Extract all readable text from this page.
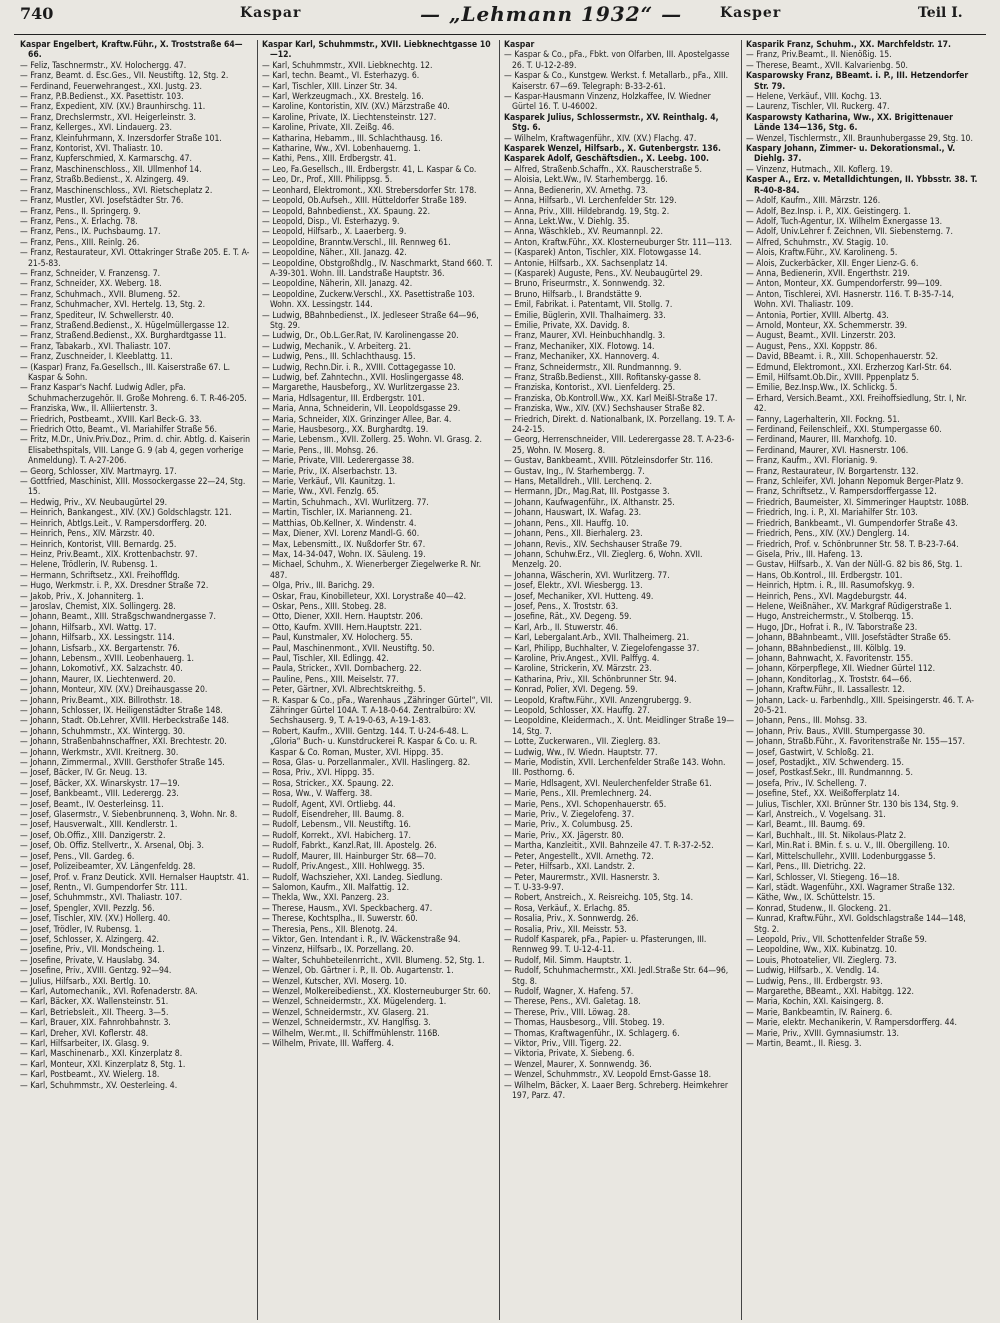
740	Kaspar	— „Lehmann 1932“ —	Kasper	Teil I.
Kaspar Engelbert, Kraftw.Führ., X. Troststraße 64—66.
— Feliz, Taschnermstr., XV. Holochergg. 47.
— Franz, Beamt. d. Esc.Ges., VII. Neustiftg. 12, Stg. 2.
— Ferdinand, Feuerwehrangest., XXI. Justg. 23.
— Franz, P.B.Bedienst., XX. Pasettistr. 103.
— Franz, Expedient, XIV. (XV.) Braunhirschg. 11.
— Franz, Drechslermstr., XVI. Heigerleinstr. 3.
— Franz, Kellerges., XVI. Lindauerg. 23.
— Franz, Kleinfuhrmann, X. Inzersdorfer Straße 101.
— Franz, Kontorist, XVI. Thaliastr. 10.
— Franz, Kupferschmied, X. Karmarschg. 47.
— Franz, Maschinenschloss., XII. Ullmenhof 14.
— Franz, Straßb.Bedienst., X. Alzingerg. 49.
— Franz, Maschinenschloss., XVI. Rietscheplatz 2.
— Franz, Mustler, XVI. Josefstädter Str. 76.
— Franz, Pens., II. Springerg. 9.
— Franz, Pens., X. Erlachg. 78.
— Franz, Pens., IX. Puchsbaumg. 17.
— Franz, Pens., XIII. Reinlg. 26.
— Franz, Restaurateur, XVI. Ottakringer Straße 205. E. T. A-21-5-83.
— Franz, Schneider, V. Franzensg. 7.
— Franz, Schneider, XX. Weberg. 18.
— Franz, Schuhmach., XVII. Blumeng. 52.
— Franz, Schuhmacher, XVI. Hertelg. 13, Stg. 2.
— Franz, Spediteur, IV. Schwellerstr. 40.
— Franz, Straßend.Bedienst., X. Hügelmüllergasse 12.
— Franz, Straßend.Bedienst., XX. Burghardtgasse 11.
— Franz, Tabakarb., XVI. Thaliastr. 107.
— Franz, Zuschneider, I. Kleeblattg. 11.
— (Kaspar) Franz, Fa.Gesellsch., III. Kaiserstraße 67. L. Kaspar & Sohn.
— Franz Kaspar's Nachf. Ludwig Adler, pFa. Schuhmacherzugehör. II. Große Mohreng. 6. T. R-46-205.
— Franziska, Ww., II. Alliiertenstr. 3.
— Friedrich, Postbeamt., XVIII. Karl Beck-G. 33.
— Friedrich Otto, Beamt., VI. Mariahilfer Straße 56.
— Fritz, M.Dr., Univ.Priv.Doz., Prim. d. chir. Abtlg. d. Kaiserin Elisabethspitals, VIII. Lange G. 9 (ab 4, gegen vorherige Anmeldung). T. A-27-206.
— Georg, Schlosser, XIV. Martmayrg. 17.
— Gottfried, Maschinist, XIII. Mossockergasse 22—24, Stg. 15.
— Hedwig, Priv., XV. Neubaugürtel 29.
— Heinrich, Bankangest., XIV. (XV.) Goldschlagstr. 121.
— Heinrich, Abtlgs.Leit., V. Rampersdorfferg. 20.
— Heinrich, Pens., XIV. Märzstr. 40.
— Heinrich, Kontorist, VIII. Bernardg. 25.
— Heinz, Priv.Beamt., XIX. Krottenbachstr. 97.
— Helene, Trödlerin, IV. Rubensg. 1.
— Hermann, Schriftsetz., XXI. Freihoffldg.
— Hugo, Werkmstr. i. P., XX. Dresdner Straße 72.
— Jakob, Priv., X. Johanniterg. 1.
— Jaroslav, Chemist, XIX. Sollingerg. 28.
— Johann, Beamt., XIII. Straßgschwandnergasse 7.
— Johann, Hilfsarb., XVI. Wattg. 17.
— Johann, Hilfsarb., XX. Lessingstr. 114.
— Johann, Lisfsarb., XX. Bergartenstr. 76.
— Johann, Lebensm., XVIII. Leobenhauerg. 1.
— Johann, Lokomotivf., XX. Salzachstr. 40.
— Johann, Maurer, IX. Liechtenwerd. 20.
— Johann, Monteur, XIV. (XV.) Dreihausgasse 20.
— Johann, Priv.Beamt., XIX. Billrothstr. 18.
— Johann, Schlosser, IX. Heiligenstädter Straße 148.
— Johann, Stadt. Ob.Lehrer, XVIII. Herbeckstraße 148.
— Johann, Schuhmmstr., XX. Wintergg. 30.
— Johann, Straßenbahnschaffner, XXI. Brechtestr. 20.
— Johann, Werkmstr., XVII. Kreitnerg. 30.
— Johann, Zimmermal., XVIII. Gersthofer Straße 145.
— Josef, Bäcker, IV. Gr. Neug. 13.
— Josef, Bäcker, XX. Winarskystr. 17—19.
— Josef, Bankbeamt., VIII. Lederergg. 23.
— Josef, Beamt., IV. Oesterleinsg. 11.
— Josef, Glasermstr., V. Siebenbrunnenq. 3, Wohn. Nr. 8.
— Josef, Hausverwalt., XIII. Kendlerstr. 1.
— Josef, Ob.Offiz., XIII. Danzigerstr. 2.
— Josef, Ob. Offiz. Stellvertr., X. Arsenal, Obj. 3.
— Josef, Pens., VII. Gardeg. 6.
— Josef, Polizeibeamter, XV. Längenfeldg. 28.
— Josef, Prof. v. Franz Deutick. XVII. Hernalser Hauptstr. 41.
— Josef, Rentn., VI. Gumpendorfer Str. 111.
— Josef, Schuhmmstr., XVI. Thaliastr. 107.
— Josef, Spengler, XVII. Pezzlg. 56.
— Josef, Tischler, XIV. (XV.) Hollerg. 40.
— Josef, Trödler, IV. Rubensg. 1.
— Josef, Schlosser, X. Alzingerg. 42.
— Josefine, Priv., VII. Mondscheing. 1.
— Josefine, Private, V. Hauslabg. 34.
— Josefine, Priv., XVIII. Gentzg. 92—94.
— Julius, Hilfsarb., XXI. Bertlg. 10.
— Karl, Automechanik., XVI. Rofenaderstr. 8A.
— Karl, Bäcker, XX. Wallensteinstr. 51.
— Karl, Betriebsleit., XII. Theerg. 3—5.
— Karl, Brauer, XIX. Fahnrohbahnstr. 3.
— Karl, Dreher, XVI. Koflerstr. 48.
— Karl, Hilfsarbeiter, IX. Glasg. 9.
— Karl, Maschinenarb., XXI. Kinzerplatz 8.
— Karl, Monteur, XXI. Kinzerplatz 8, Stg. 1.
— Karl, Postbeamt., XV. Wielerg. 18.
— Karl, Schuhmmstr., XV. Oesterleing. 4.
Kaspar Karl, Schuhmmstr., XVII. Liebknechtgasse 10—12.
— Karl, Schuhmmstr., XVII. Liebknechtg. 12.
— Karl, techn. Beamt., VI. Esterhazyg. 6.
— Karl, Tischler, XIII. Linzer Str. 34.
— Karl, Werkzeugmach., XX. Brestelg. 16.
— Karoline, Kontoristin, XIV. (XV.) Märzstraße 40.
— Karoline, Private, IX. Liechtensteinstr. 127.
— Karoline, Private, XII. Zeißg. 46.
— Katharina, Hebamm., III. Schlachthausg. 16.
— Katharine, Ww., XVI. Lobenhauerng. 1.
— Kathi, Pens., XIII. Erdbergstr. 41.
— Leo, Fa.Gesellsch., III. Erdbergstr. 41, L. Kaspar & Co.
— Leo, Dr., Prof., XIII. Philippsg. 5.
— Leonhard, Elektromont., XXI. Strebersdorfer Str. 178.
— Leopold, Ob.Aufseh., XIII. Hütteldorfer Straße 189.
— Leopold, Bahnbedienst., XX. Spaung. 22.
— Leopold, Disp., VI. Esterhazyg. 9.
— Leopold, Hilfsarb., X. Laaerberg. 9.
— Leopoldine, Branntw.Verschl., III. Rennweg 61.
— Leopoldine, Näher., XII. Janazg. 42.
— Leopoldine, Obstgroßhdlg., IV. Naschmarkt, Stand 660. T. A-39-301. Wohn. III. Landstraße Hauptstr. 36.
— Leopoldine, Näherin, XII. Janazg. 42.
— Leopoldine, Zuckerw.Verschl., XX. Pasettistraße 103. Wohn. XX. Lessingstr. 144.
— Ludwig, BBahnbedienst., IX. Jedleseer Straße 64—96, Stg. 29.
— Ludwig, Dr., Ob.L.Ger.Rat, IV. Karolinengasse 20.
— Ludwig, Mechanik., V. Arbeiterg. 21.
— Ludwig, Pens., III. Schlachthausg. 15.
— Ludwig, Rechn.Dir. i. R., XVIII. Cottagegasse 10.
— Ludwig, bef. Zahntechn., XVII. Hoslingergasse 48.
— Margarethe, Hausbeforg., XV. Wurlitzergasse 23.
— Maria, Hdlsagentur, III. Erdbergstr. 101.
— Maria, Anna, Schneiderin, VII. Leopoldsgasse 29.
— Maria, Schneider, XIX. Grinzinger Allee, Bar. 4.
— Marie, Hausbesorg., XX. Burghardtg. 19.
— Marie, Lebensm., XVII. Zollerg. 25. Wohn. VI. Grasg. 2.
— Marie, Pens., III. Mohsg. 26.
— Marie, Private, VIII. Lederergasse 38.
— Marie, Priv., IX. Alserbachstr. 13.
— Marie, Verkäuf., VII. Kaunitzg. 1.
— Marie, Ww., XVI. Fenzlg. 65.
— Martin, Schuhmach., XVI. Wurlitzerg. 77.
— Martin, Tischler, IX. Marianneng. 21.
— Matthias, Ob.Kellner, X. Windenstr. 4.
— Max, Diener, XVI. Lorenz Mandl-G. 60.
— Max, Lebensmitt., IX. Nußdorfer Str. 67.
— Max, 14-34-047, Wohn. IX. Säuleng. 19.
— Michael, Schuhm., X. Wienerberger Ziegelwerke R. Nr. 487.
— Olga, Priv., III. Barichg. 29.
— Oskar, Frau, Kinobilleteur, XXI. Lorystraße 40—42.
— Oskar, Pens., XIII. Stobeg. 28.
— Otto, Diener, XXII. Hern. Hauptstr. 206.
— Otto, Kaufm. XVIII. Hern.Hauptstr. 221.
— Paul, Kunstmaler, XV. Holocherg. 55.
— Paul, Maschinenmont., XVII. Neustiftg. 50.
— Paul, Tischler, XII. Edlingg. 42.
— Paula, Stricker., XVII. Dornbacherg. 22.
— Pauline, Pens., XIII. Meiselstr. 77.
— Peter, Gärtner, XVI. Albrechtskreithg. 5.
— R. Kaspar & Co., pFa., Warenhaus „Zähringer Gürtel“, VII. Zähringer Gürtel 104A. T. A-18-0-64. Zentralbüro: XV. Sechshauserg. 9, T. A-19-0-63, A-19-1-83.
— Robert, Kaufm., XVIII. Gentzg. 144. T. U-24-6-48. L. „Gloria“ Buch- u. Kunstdruckerei R. Kaspar & Co. u. R. Kaspar & Co. Roman, Muster, XVI. Hippg. 35.
— Rosa, Glas- u. Porzellanmaler., XVII. Haslingerg. 82.
— Rosa, Priv., XVI. Hippg. 35.
— Rosa, Stricker., XX. Spaung. 22.
— Rosa, Ww., V. Wafferg. 38.
— Rudolf, Agent, XVI. Ortliebg. 44.
— Rudolf, Eisendreher, III. Baumg. 8.
— Rudolf, Lebensm., VII. Neustiftg. 16.
— Rudolf, Korrekt., XVI. Habicherg. 17.
— Rudolf, Fabrkt., Kanzl.Rat, III. Apostelg. 26.
— Rudolf, Maurer, III. Hainburger Str. 68—70.
— Rudolf, Priv.Angest., XIII. Hohlwegg. 35.
— Rudolf, Wachszieher, XXI. Landeg. Siedlung.
— Salomon, Kaufm., XII. Malfattig. 12.
— Thekla, Ww., XXI. Panzerg. 23.
— Therese, Hausm., XVI. Speckbacherg. 47.
— Therese, Kochtsplha., II. Suwerstr. 60.
— Theresia, Pens., XII. Blenotg. 24.
— Viktor, Gen. Intendant i. R., IV. Wäckenstraße 94.
— Vinzenz, Hilfsarb., IX. Porzellang. 20.
— Walter, Schuhbeteilenrricht., XVII. Blumeng. 52, Stg. 1.
— Wenzel, Ob. Gärtner i. P., II. Ob. Augartenstr. 1.
— Wenzel, Kutscher, XVI. Moserg. 10.
— Wenzel, Molkereibedienst., XX. Klosterneuburger Str. 60.
— Wenzel, Schneidermstr., XX. Mügelenderg. 1.
— Wenzel, Schneidermstr., XV. Glaserg. 21.
— Wenzel, Schneidermstr., XV. Hanglfisg. 3.
— Wilhelm, Wer.mt., II. Schiffmühlenstr. 116B.
— Wilhelm, Private, III. Wafferg. 4.
Kaspar
— Kaspar & Co., pFa., Fbkt. von Olfarben, III. Apostelgasse 26. T. U-12-2-89.
— Kaspar & Co., Kunstgew. Werkst. f. Metallarb., pFa., XIII. Kaiserstr. 67—69. Telegraph: B-33-2-61.
— Kaspar-Hausmann Vinzenz, Holzkaffee, IV. Wiedner Gürtel 16. T. U-46002.
Kasparek Julius, Schlossermstr., XV. Reinthalg. 4, Stg. 6.
— Wilhelm, Kraftwagenführ., XIV. (XV.) Flachg. 47.
Kasparek Wenzel, Hilfsarb., X. Gutenbergstr. 136.
Kasparek Adolf, Geschäftsdien., X. Leebg. 100.
— Alfred, Straßenb.Schaffn., XX. Rauscherstraße 5.
— Aloisia, Lekt.Ww., IV. Starhembergg. 16.
— Anna, Bedienerin, XV. Arnethg. 73.
— Anna, Hilfsarb., VI. Lerchenfelder Str. 129.
— Anna, Priv., XIII. Hildebrandg. 19, Stg. 2.
— Anna, Lekt.Ww., V. Diehlg. 35.
— Anna, Wäschkleb., XV. Reumannpl. 22.
— Anton, Kraftw.Führ., XX. Klosterneuburger Str. 111—113.
— (Kasparek) Anton, Tischler, XIX. Flotowgasse 14.
— Antonie, Hilfsarb., XX. Sachsenplatz 14.
— (Kasparek) Auguste, Pens., XV. Neubaugürtel 29.
— Bruno, Friseurmstr., X. Sonnwendg. 32.
— Bruno, Hilfsarb., I. Brandstätte 9.
— Emil, Fabrikat. i. Patentamt, VII. Stollg. 7.
— Emilie, Büglerin, XVII. Thalhaimerg. 33.
— Emilie, Private, XX. Davidg. 8.
— Franz, Maurer, XVI. Heinbuchhandlg. 3.
— Franz, Mechaniker, XIX. Flotowg. 14.
— Franz, Mechaniker, XX. Hannoverg. 4.
— Franz, Schneidermstr., XII. Rundmannng. 9.
— Franz, Straßb.Bedienst., XIII. Rofitansky-gasse 8.
— Franziska, Kontorist., XVI. Lienfelderg. 25.
— Franziska, Ob.Kontroll.Ww., XX. Karl Meißl-Straße 17.
— Franziska, Ww., XIV. (XV.) Sechshauser Straße 82.
— Friedrich, Direkt. d. Nationalbank, IX. Porzellang. 19. T. A-24-2-15.
— Georg, Herrenschneider, VIII. Lederergasse 28. T. A-23-6-25, Wohn. IV. Moserg. 8.
— Gustav, Bankbeamt., XVIII. Pötzleinsdorfer Str. 116.
— Gustav, Ing., IV. Starhembergg. 7.
— Hans, Metalldreh., VIII. Lerchenq. 2.
— Hermann, JDr., Mag.Rat, III. Postgasse 3.
— Johann, Kaufwagenführ., IX. Althanstr. 25.
— Johann, Hauswart, IX. Wafag. 23.
— Johann, Pens., XII. Hauffg. 10.
— Johann, Pens., XII. Bierhalerg. 23.
— Johann, Revis., XIV. Sechshauser Straße 79.
— Johann, Schuhw.Erz., VII. Zieglerg. 6, Wohn. XVII. Menzelg. 20.
— Johanna, Wäscherin, XVI. Wurlitzerg. 77.
— Josef, Elektr., XVI. Wiesbergg. 13.
— Josef, Mechaniker, XVI. Hutteng. 49.
— Josef, Pens., X. Troststr. 63.
— Josefine, Rät., XV. Degeng. 59.
— Karl, Arb., II. Stuwerstr. 46.
— Karl, Lebergalant.Arb., XVII. Thalheimerg. 21.
— Karl, Philipp, Buchhalter, V. Ziegelofengasse 37.
— Karoline, Priv.Angest., XVII. Palffyg. 4.
— Karoline, Strickerin, XV. Märzstr. 23.
— Katharina, Priv., XII. Schönbrunner Str. 94.
— Konrad, Polier, XVI. Degeng. 59.
— Leopold, Kraftw.Führ., XVII. Anzengrubergg. 9.
— Leopold, Schlosser, XX. Hauffg. 27.
— Leopoldine, Kleidermach., X. Unt. Meidlinger Straße 19—14, Stg. 7.
— Lotte, Zuckerwaren., VII. Zieglerg. 83.
— Ludwig, Ww., IV. Wiedn. Hauptstr. 77.
— Marie, Modistin, XVII. Lerchenfelder Straße 143. Wohn. III. Posthorng. 6.
— Marie, Hdlsagent, XVI. Neulerchenfelder Straße 61.
— Marie, Pens., XII. Premlechnerg. 24.
— Marie, Pens., XVI. Schopenhauerstr. 65.
— Marie, Priv., V. Ziegelofeng. 37.
— Marie, Priv., X. Columbusg. 25.
— Marie, Priv., XX. Jägerstr. 80.
— Martha, Kanzleitit., XVII. Bahnzeile 47. T. R-37-2-52.
— Peter, Angestellt., XVII. Arnethg. 72.
— Peter, Hilfsarb., XXI. Landstr. 2.
— Peter, Maurermstr., XVII. Hasnerstr. 3.
— T. U-33-9-97.
— Robert, Anstreich., X. Reisreichg. 105, Stg. 14.
— Rosa, Verkäuf., X. Erlachg. 85.
— Rosalia, Priv., X. Sonnwerdg. 26.
— Rosalia, Priv., XII. Meisstr. 53.
— Rudolf Kasparek, pFa., Papier- u. Pfasterungen, III. Rennweg 99. T. U-12-4-11.
— Rudolf, Mil. Simm. Hauptstr. 1.
— Rudolf, Schuhmachermstr., XXI. Jedl.Straße Str. 64—96, Stg. 8.
— Rudolf, Wagner, X. Hafeng. 57.
— Therese, Pens., XVI. Galetag. 18.
— Therese, Priv., VIII. Löwag. 28.
— Thomas, Hausbesorg., VIII. Stobeg. 19.
— Thomas, Kraftwagenführ., IX. Schlagerg. 6.
— Viktor, Priv., VIII. Tigerg. 22.
— Viktoria, Private, X. Siebeng. 6.
— Wenzel, Maurer, X. Sonnwendg. 36.
— Wenzel, Schuhmmstr., XV. Leopold Ernst-Gasse 18.
— Wilhelm, Bäcker, X. Laaer Berg. Schreberg. Heimkehrer 197, Parz. 47.
Kasparik Franz, Schuhm., XX. Marchfeldstr. 17.
— Franz, Priv.Beamt., II. Nienößig. 15.
— Therese, Beamt., XVII. Kalvarienbg. 50.
Kasparowsky Franz, BBeamt. i. P., III. Hetzendorfer Str. 79.
— Helene, Verkäuf., VIII. Kochg. 13.
— Laurenz, Tischler, VII. Ruckerg. 47.
Kasparowsty Katharina, Ww., XX. Brigittenauer Lände 134—136, Stg. 6.
— Wenzel, Tischlermstr., XII. Braunhubergasse 29, Stg. 10.
Kaspary Johann, Zimmer- u. Dekorationsmal., V. Diehlg. 37.
— Vinzenz, Hutmach., XII. Koflerg. 19.
Kasper A., Erz. v. Metalldichtungen, II. Ybbsstr. 38. T. R-40-8-84.
— Adolf, Kaufm., XIII. Märzstr. 126.
— Adolf, Bez.Insp. i. P., XIX. Geistingerg. 1.
— Adolf, Tuch-Agentur, IX. Wilhelm Exnergasse 13.
— Adolf, Univ.Lehrer f. Zeichnen, VII. Siebensterng. 7.
— Alfred, Schuhmstr., XV. Stagig. 10.
— Alois, Kraftw.Führ., XV. Karolineng. 5.
— Alois, Zuckerbäcker, XII. Enger Lienz-G. 6.
— Anna, Bedienerin, XVII. Engerthstr. 219.
— Anton, Monteur, XX. Gumpendorferstr. 99—109.
— Anton, Tischlerei, XVI. Hasnerstr. 116. T. B-35-7-14, Wohn. XVI. Thaliastr. 109.
— Antonia, Portier, XVIII. Albertg. 43.
— Arnold, Monteur, XX. Schemmerstr. 39.
— August, Beamt., XVII. Linzerstr. 203.
— August, Pens., XXI. Koppstr. 86.
— David, BBeamt. i. R., XIII. Schopenhauerstr. 52.
— Edmund, Elektromont., XXI. Erzherzog Karl-Str. 64.
— Emil, Hilfsamt.Ob.Dir., XVIII. Pppenplatz 5.
— Emilie, Bez.Insp.Ww., IX. Schlickg. 5.
— Erhard, Versich.Beamt., XXI. Freihoffsiedlung, Str. I, Nr. 42.
— Fanny, Lagerhalterin, XII. Fockng. 51.
— Ferdinand, Feilenschleif., XXI. Stumpergasse 60.
— Ferdinand, Maurer, III. Marxhofg. 10.
— Ferdinand, Maurer, XVI. Hasnerstr. 106.
— Franz, Kaufm., XVI. Florianig. 9.
— Franz, Restaurateur, IV. Borgartenstr. 132.
— Franz, Schleifer, XVI. Johann Nepomuk Berger-Platz 9.
— Franz, Schriftsetz., V. Rampersdorffergasse 12.
— Friedrich, Baumeister, XI. Simmeringer Hauptstr. 108B.
— Friedrich, Ing. i. P., XI. Mariahilfer Str. 103.
— Friedrich, Bankbeamt., VI. Gumpendorfer Straße 43.
— Friedrich, Pens., XIV. (XV.) Denglerg. 14.
— Friedrich, Prof. v. Schönbrunner Str. 58. T. B-23-7-64.
— Gisela, Priv., III. Hafeng. 13.
— Gustav, Hilfsarb., X. Van der Nüll-G. 82 bis 86, Stg. 1.
— Hans, Ob.Kontrol., III. Erdbergstr. 101.
— Heinrich, Hptm. i. R., III. Rasumofskyg. 9.
— Heinrich, Pens., XVI. Magdeburgstr. 44.
— Helene, Weißnäher., XV. Markgraf Rüdigerstraße 1.
— Hugo, Anstreichermstr., V. Stolberqg. 15.
— Hugo, JDr., Hofrat i. R., IV. Taborstraße 23.
— Johann, BBahnbeamt., VIII. Josefstädter Straße 65.
— Johann, BBahnbedienst., III. Kölblg. 19.
— Johann, Bahnwacht, X. Favoritenstr. 155.
— Johann, Körperpflege, XII. Wiedner Gürtel 112.
— Johann, Konditorlag., X. Troststr. 64—66.
— Johann, Kraftw.Führ., II. Lassallestr. 12.
— Johann, Lack- u. Farbenhdlg., XIII. Speisingerstr. 46. T. A-20-5-21.
— Johann, Pens., III. Mohsg. 33.
— Johann, Priv. Baus., XVIII. Stumpergasse 30.
— Johann, Straßb.Führ., X. Favoritenstraße Nr. 155—157.
— Josef, Gastwirt, V. Schloßg. 21.
— Josef, Postadjkt., XIV. Schwenderg. 15.
— Josef, Postkasf.Sekr., III. Rundmannng. 5.
— Josefa, Priv., IV. Schelleng. 7.
— Josefine, Stef., XX. Weißofferplatz 14.
— Julius, Tischler, XXI. Brünner Str. 130 bis 134, Stg. 9.
— Karl, Anstreich., V. Vogelsang. 31.
— Karl, Beamt., III. Baumg. 69.
— Karl, Buchhalt., III. St. Nikolaus-Platz 2.
— Karl, Min.Rat i. BMin. f. s. u. V., III. Obergilleng. 10.
— Karl, Mittelschullehr., XVIII. Lodenburggasse 5.
— Karl, Pens., III. Dietrichg. 22.
— Karl, Schlosser, VI. Stiegeng. 16—18.
— Karl, städt. Wagenführ., XXI. Wagramer Straße 132.
— Käthe, Ww., IX. Schüttelstr. 15.
— Konrad, Studenw., II. Glockeng. 21.
— Kunrad, Kraftw.Führ., XVI. Goldschlagstraße 144—148, Stg. 2.
— Leopold, Priv., VII. Schottenfelder Straße 59.
— Leopoldine, Ww., XIX. Kubinatzg. 10.
— Louis, Photoatelier, VII. Zieglerg. 73.
— Ludwig, Hilfsarb., X. Vendlg. 14.
— Ludwig, Pens., III. Erdbergstr. 93.
— Margarethe, BBeamt., XXI. Habitgg. 122.
— Maria, Kochin, XXI. Kaisingerg. 8.
— Marie, Bankbeamtin, IV. Rainerg. 6.
— Marie, elektr. Mechanikerin, V. Rampersdorfferg. 44.
— Marie, Priv., XVIII. Gymnasiumstr. 13.
— Martin, Beamt., II. Riesg. 3.
